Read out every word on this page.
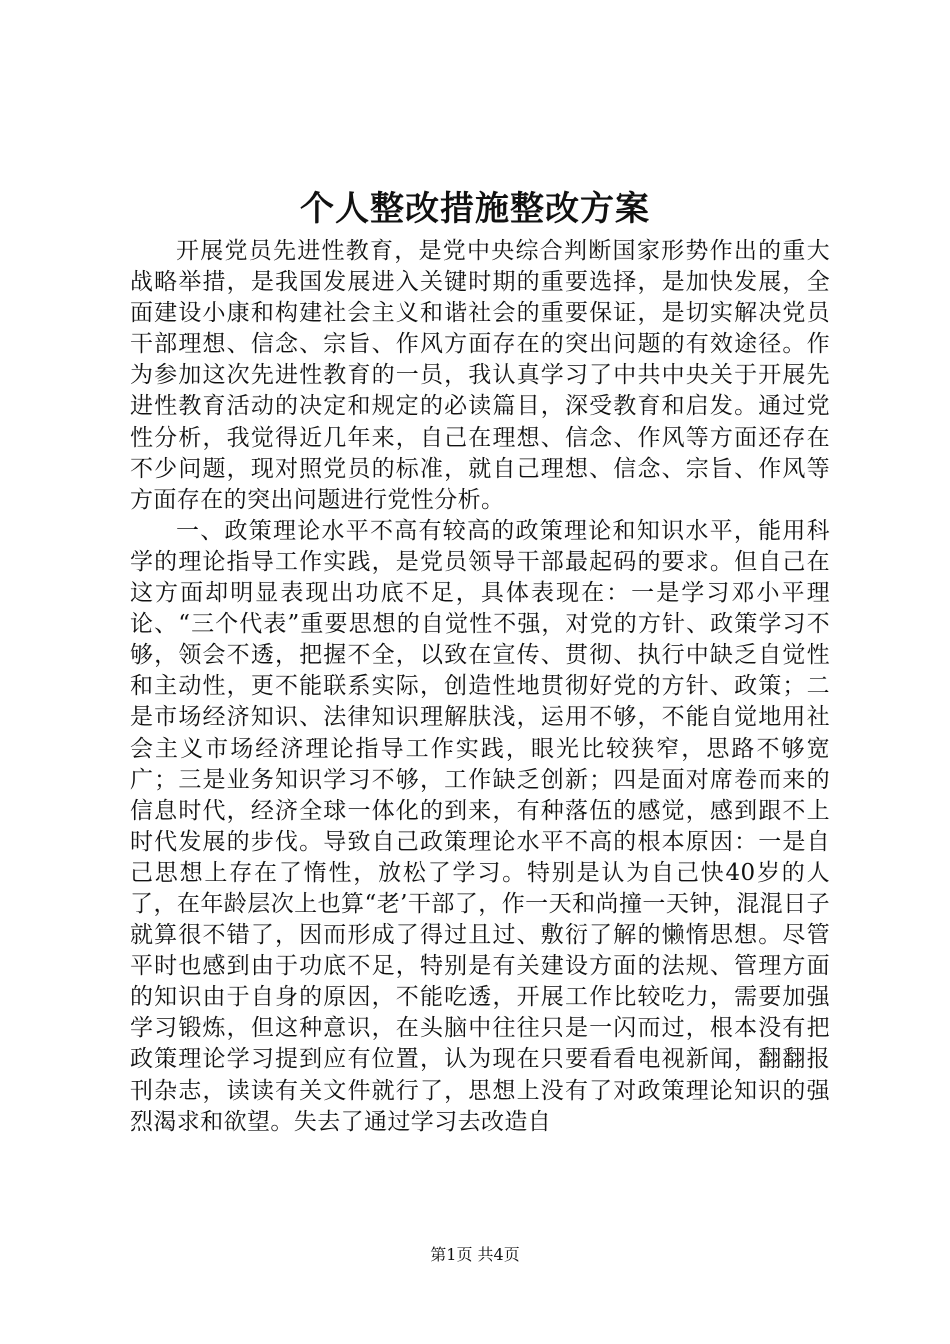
个人整改措施整改方案

开展党员先进性教育，是党中央综合判断国家形势作出的重大战略举措，是我国发展进入关键时期的重要选择，是加快发展，全面建设小康和构建社会主义和谐社会的重要保证，是切实解决党员干部理想、信念、宗旨、作风方面存在的突出问题的有效途径。作为参加这次先进性教育的一员，我认真学习了中共中央关于开展先进性教育活动的决定和规定的必读篇目，深受教育和启发。通过党性分析，我觉得近几年来，自己在理想、信念、作风等方面还存在不少问题，现对照党员的标准，就自己理想、信念、宗旨、作风等方面存在的突出问题进行党性分析。

一、政策理论水平不高有较高的政策理论和知识水平，能用科学的理论指导工作实践，是党员领导干部最起码的要求。但自己在这方面却明显表现出功底不足，具体表现在：一是学习邓小平理论、“三个代表”重要思想的自觉性不强，对党的方针、政策学习不够，领会不透，把握不全，以致在宣传、贯彻、执行中缺乏自觉性和主动性，更不能联系实际，创造性地贯彻好党的方针、政策；二是市场经济知识、法律知识理解肤浅，运用不够，不能自觉地用社会主义市场经济理论指导工作实践，眼光比较狭窄，思路不够宽广；三是业务知识学习不够，工作缺乏创新；四是面对席卷而来的信息时代，经济全球一体化的到来，有种落伍的感觉，感到跟不上时代发展的步伐。导致自己政策理论水平不高的根本原因：一是自己思想上存在了惰性，放松了学习。特别是认为自己快40岁的人了，在年龄层次上也算“老’干部了，作一天和尚撞一天钟，混混日子就算很不错了，因而形成了得过且过、敷衍了解的懒惰思想。尽管平时也感到由于功底不足，特别是有关建设方面的法规、管理方面的知识由于自身的原因，不能吃透，开展工作比较吃力，需要加强学习锻炼，但这种意识，在头脑中往往只是一闪而过，根本没有把政策理论学习提到应有位置，认为现在只要看看电视新闻，翻翻报刊杂志，读读有关文件就行了，思想上没有了对政策理论知识的强烈渴求和欲望。失去了通过学习去改造自

第1页 共4页
